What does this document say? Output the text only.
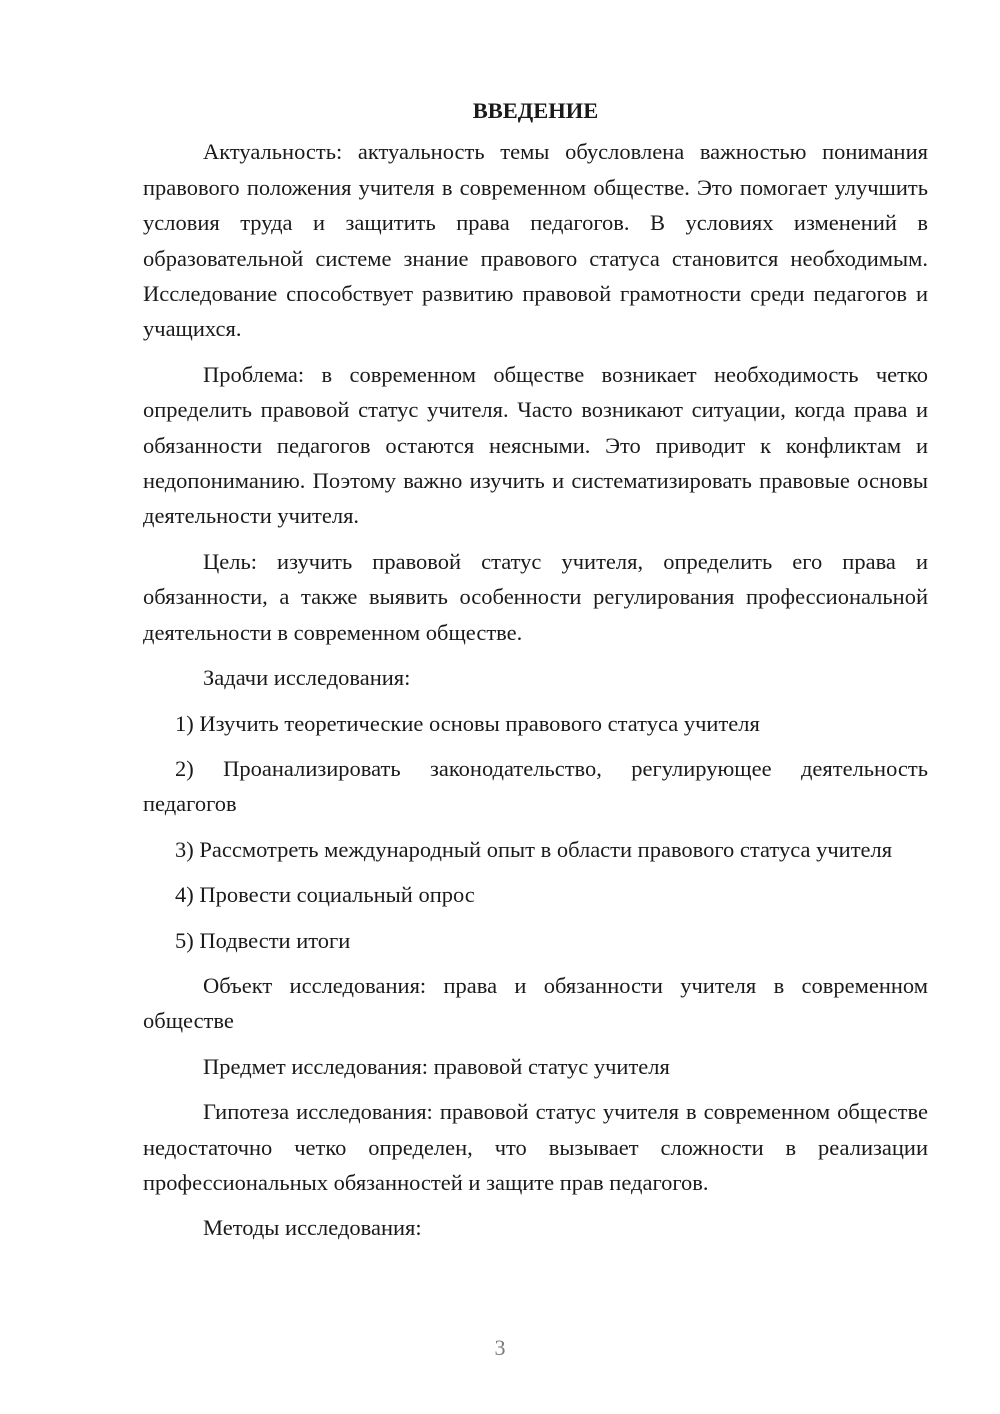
ВВЕДЕНИЕ

Актуальность: актуальность темы обусловлена важностью понимания правового положения учителя в современном обществе. Это помогает улучшить условия труда и защитить права педагогов. В условиях изменений в образовательной системе знание правового статуса становится необходимым. Исследование способствует развитию правовой грамотности среди педагогов и учащихся.

Проблема: в современном обществе возникает необходимость четко определить правовой статус учителя. Часто возникают ситуации, когда права и обязанности педагогов остаются неясными. Это приводит к конфликтам и недопониманию. Поэтому важно изучить и систематизировать правовые основы деятельности учителя.

Цель: изучить правовой статус учителя, определить его права и обязанности, а также выявить особенности регулирования профессиональной деятельности в современном обществе.

Задачи исследования:

1) Изучить теоретические основы правового статуса учителя

2) Проанализировать законодательство, регулирующее деятельность педагогов

3) Рассмотреть международный опыт в области правового статуса учителя

4) Провести социальный опрос

5) Подвести итоги

Объект исследования: права и обязанности учителя в современном обществе

Предмет исследования: правовой статус учителя

Гипотеза исследования: правовой статус учителя в современном обществе недостаточно четко определен, что вызывает сложности в реализации профессиональных обязанностей и защите прав педагогов.

Методы исследования:

3
